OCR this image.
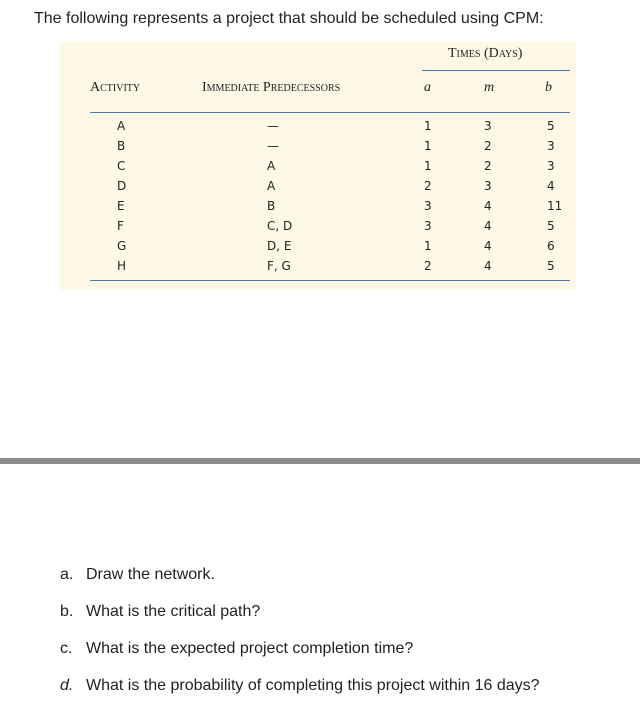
The following represents a project that should be scheduled using CPM:
Times (Days)
Activity	Immediate Predecessors	a	m	b
A	—	1	3	5
B	—	1	2	3
C	A	1	2	3
D	A	2	3	4
E	B	3	4	11
F	C, D	3	4	5
G	D, E	1	4	6
H	F, G	2	4	5
a. Draw the network.
b. What is the critical path?
c. What is the expected project completion time?
d. What is the probability of completing this project within 16 days?
